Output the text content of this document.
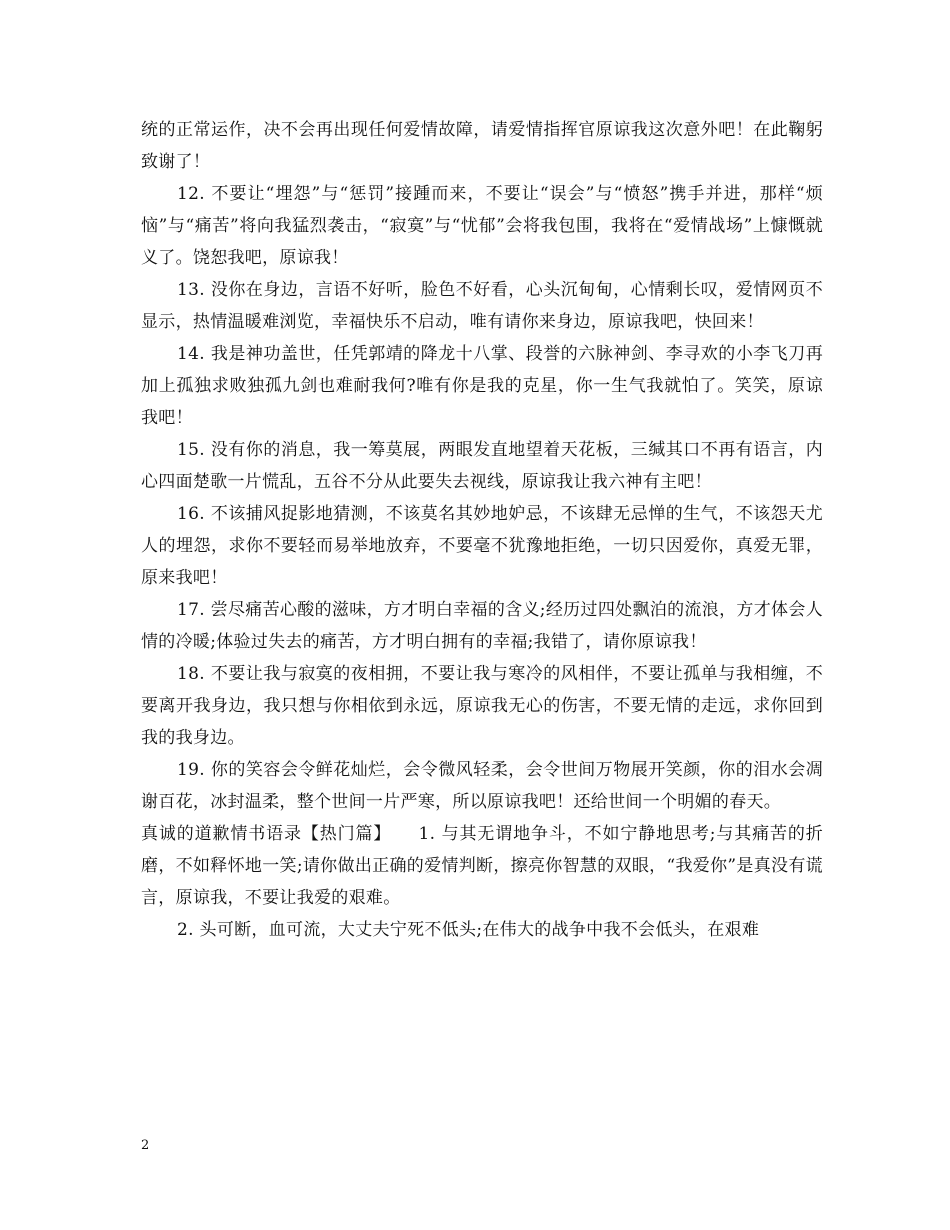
统的正常运作，决不会再出现任何爱情故障，请爱情指挥官原谅我这次意外吧！在此鞠躬致谢了！

12. 不要让“埋怨”与“惩罚”接踵而来，不要让“误会”与“愤怒”携手并进，那样“烦恼”与“痛苦”将向我猛烈袭击，“寂寞”与“忧郁”会将我包围，我将在“爱情战场”上慷慨就义了。饶恕我吧，原谅我！

13. 没你在身边，言语不好听，脸色不好看，心头沉甸甸，心情剩长叹，爱情网页不显示，热情温暖难浏览，幸福快乐不启动，唯有请你来身边，原谅我吧，快回来！

14. 我是神功盖世，任凭郭靖的降龙十八掌、段誉的六脉神剑、李寻欢的小李飞刀再加上孤独求败独孤九剑也难耐我何?唯有你是我的克星，你一生气我就怕了。笑笑，原谅我吧！

15. 没有你的消息，我一筹莫展，两眼发直地望着天花板，三缄其口不再有语言，内心四面楚歌一片慌乱，五谷不分从此要失去视线，原谅我让我六神有主吧！

16. 不该捕风捉影地猜测，不该莫名其妙地妒忌，不该肆无忌惮的生气，不该怨天尤人的埋怨，求你不要轻而易举地放弃，不要毫不犹豫地拒绝，一切只因爱你，真爱无罪，原来我吧！

17. 尝尽痛苦心酸的滋味，方才明白幸福的含义;经历过四处飘泊的流浪，方才体会人情的冷暖;体验过失去的痛苦，方才明白拥有的幸福;我错了，请你原谅我！

18. 不要让我与寂寞的夜相拥，不要让我与寒冷的风相伴，不要让孤单与我相缠，不要离开我身边，我只想与你相依到永远，原谅我无心的伤害，不要无情的走远，求你回到我的我身边。

19. 你的笑容会令鲜花灿烂，会令微风轻柔，会令世间万物展开笑颜，你的泪水会凋谢百花，冰封温柔，整个世间一片严寒，所以原谅我吧！还给世间一个明媚的春天。

真诚的道歉情书语录【热门篇】　　1. 与其无谓地争斗，不如宁静地思考;与其痛苦的折磨，不如释怀地一笑;请你做出正确的爱情判断，擦亮你智慧的双眼，“我爱你”是真没有谎言，原谅我，不要让我爱的艰难。

2. 头可断，血可流，大丈夫宁死不低头;在伟大的战争中我不会低头，在艰难

2
